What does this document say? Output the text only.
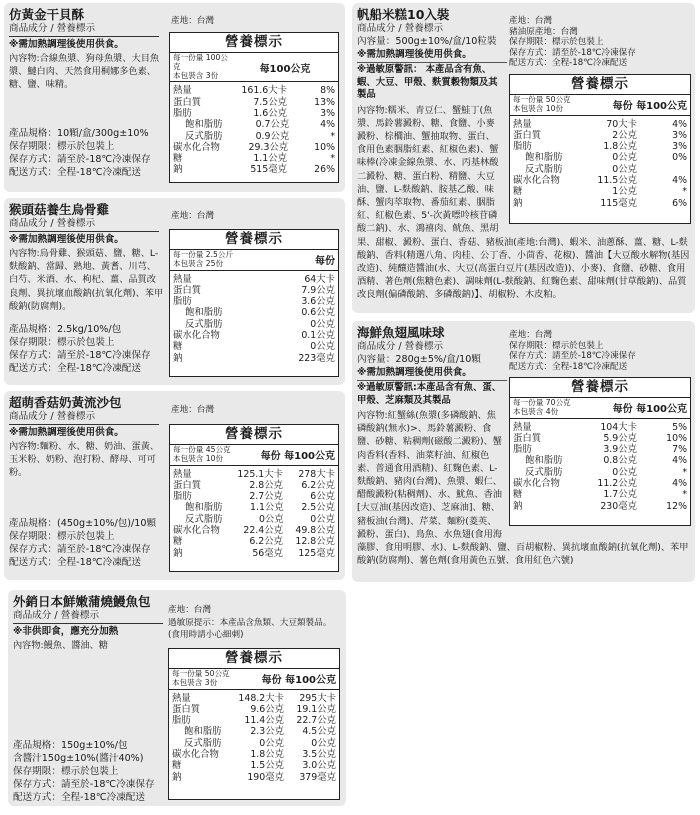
仿黃金干貝酥
商品成分 / 營養標示
※需加熱調理後使用供食。
內容物:合線魚漿、狗母魚漿、大目魚漿、鰱白肉、天然食用桐娜多色素、糖、鹽、味精。
產品規格：10顆/盒/300g±10%
保存期限：標示於包裝上
保存方式：請至於-18℃冷凍保存
配送方式：全程-18℃冷凍配送
產地：台灣
營養標示
每一份量 100公克
本包裝含 3份
每100公克
熱量	161.6大卡	8%
蛋白質	7.5公克	13%
脂肪	1.6公克	3%
飽和脂肪	0.7公克	4%
反式脂肪	0.9公克	*
碳水化合物	29.3公克	10%
糖	1.1公克	*
鈉	515毫克	26%
猴頭菇養生烏骨雞
商品成分 / 營養標示
※需加熱調理後使用供食。
內容物:烏骨雞、猴頭菇、鹽、糖、L-麩酸鈉、當歸、熟地、黃耆、川芎、白芍、米酒、水、枸杞、薑、品質改良劑、異抗壞血酸鈉(抗氧化劑)、苯甲酸鈉(防腐劑)。
產品規格：2.5kg/10%/包
保存期限：標示於包裝上
保存方式：請至於-18℃冷凍保存
配送方式：全程-18℃冷凍配送
產地：台灣
營養標示
每一份量 2.5公斤
本包裝含 25份	每份
熱量	64大卡
蛋白質	7.9公克
脂肪	3.6公克
飽和脂肪	0.6公克
反式脂肪	0公克
碳水化合物	0.1公克
糖	0公克
鈉	223毫克
超萌香菇奶黃流沙包
商品成分 / 營養標示
※需加熱調理後使用供食。
內容物:麵粉、水、糖、奶油、蛋黃、玉米粉、奶粉、泡打粉、酵母、可可粉。
產品規格：(450g±10%/包)/10顆
保存期限：標示於包裝上
保存方式：請至於-18℃冷凍保存
配送方式：全程-18℃冷凍配送
產地：台灣
營養標示
每一份量 45公克
本包裝含 10份	每份 每100公克
熱量	125.1大卡	278大卡
蛋白質	2.8公克	6.2公克
脂肪	2.7公克	6公克
飽和脂肪	1.1公克	2.5公克
反式脂肪	0公克	0公克
碳水化合物	22.4公克	49.8公克
糖	6.2公克	12.8公克
鈉	56毫克	125毫克
外銷日本鮮嫩蒲燒鰻魚包
商品成分 / 營養標示
※非供即食，應充分加熱
內容物:鰻魚、醬油、糖
產品規格：150g±10%/包
含醬汁150g±10%(醬汁40%)
保存期限：標示於包裝上
保存方式：請至於-18℃冷凍保存
配送方式：全程-18℃冷凍配送
產地：台灣
過敏原提示：本產品含魚類、大豆類製品。(食用時請小心細刺)
營養標示
每一份量 50公克
本包裝含 3份	每份 每100公克
熱量	148.2大卡	295大卡
蛋白質	9.6公克	19.1公克
脂肪	11.4公克	22.7公克
飽和脂肪	2.3公克	4.5公克
反式脂肪	0公克	0公克
碳水化合物	1.8公克	3.5公克
糖	1.5公克	3.0公克
鈉	190毫克	379毫克
帆船米糕10入裝
商品成分 / 營養標示
內容量：500g±10%/盒/10粒裝
※需加熱調理後使用供食。
※過敏原警訊： 本產品含有魚、蝦、大豆、甲殼、麩質穀物類及其製品
內容物:糯米、青豆仁、蟹鮭丁(魚漿、馬鈴薯澱粉、糖、食鹽、小麥澱粉、棕櫚油、蟹抽取物、蛋白、食用色素胭脂紅素、紅椒色素)、蟹味棒(冷凍金線魚漿、水、丙基林酸二澱粉、糖、蛋白粉、精鹽、大豆油、鹽、L-麩酸鈉、胺基乙酸、味酥、蟹肉萃取物、番茄紅素、胭脂紅、紅椒色素、5'-次黃嘌呤核苷磷酸二鈉)、水、鴻禧肉、鱿魚、黑胡果、甜椒、澱粉、蛋白、香菇、豬板油(產地:台灣)、蝦米、油蔥酥、薑、糖、L-麩酸鈉、香料(精選八角、肉桂、公丁香、小茴香、花椒)、醬油【大豆酸水解物(基因改造)、純釀造醬油(水、大豆(高蛋白豆片(基因改造))、小麥)、食鹽、砂糖、食用酒精、著色劑(焦糖色素)、調味劑(L-麩酸鈉、紅麴色素、甜味劑(甘草酸鈉)、品質改良劑(偏磷酸鈉、多磷酸鈉)】、胡椒粉、木皮粕。
產地：台灣
豬油原產地：台灣
保存期限：標示於包裝上
保存方式：請至於-18℃冷凍保存
配送方式：全程-18℃冷凍配送
營養標示
每一份量 50公克
本包裝含 10份	每份 每100公克
熱量	70大卡	4%
蛋白質	2公克	3%
脂肪	1.8公克	3%
飽和脂肪	0公克	0%
反式脂肪	0公克
碳水化合物	11.5公克	4%
糖	1公克	*
鈉	115毫克	6%
海鮮魚翅風味球
商品成分 / 營養標示
內容量：280g±5%/盒/10顆
※需加熱調理後使用供食。
※過敏原警訊:本產品含有魚、蛋、甲殼、芝麻類及其製品
內容物:紅蟹絲(魚漿(多磷酸鈉、焦磷酸鈉(無水)>、馬鈴薯澱粉、食鹽、砂糖、粘稠劑(磁酸二澱粉)、蟹肉香料(香料、油菜籽油、紅椒色素、普通食用酒精)、紅麴色素、L-麩酸鈉、豬肉(台灣)、魚漿、蝦仁、醋酸澱粉(粘稠劑)、水、魷魚、香油[大豆油(基因改造)、芝麻油]、糖、豬板油(台灣)、芹菜、麵粉(菱英、澱粉、蛋白)、鳥魚、水魚翅(食用海藻膠、食用明膠、水)、L-麩酸鈉、鹽、百胡椒粉、異抗壞血酸鈉(抗氧化劑)、苯甲酸鈉(防腐劑)、薯色劑(食用黃色五號、食用紅色六號)
產地：台灣
保存期限：標示於包裝上
保存方式：請至於-18℃冷凍保存
配送方式：全程-18℃冷凍配送
營養標示
每一份量 70公克
本包裝含 4份	每份 每100公克
熱量	104大卡	5%
蛋白質	5.9公克	10%
脂肪	3.9公克	7%
飽和脂肪	0.8公克	4%
反式脂肪	0公克	*
碳水化合物	11.2公克	4%
糖	1.7公克	*
鈉	230毫克	12%
